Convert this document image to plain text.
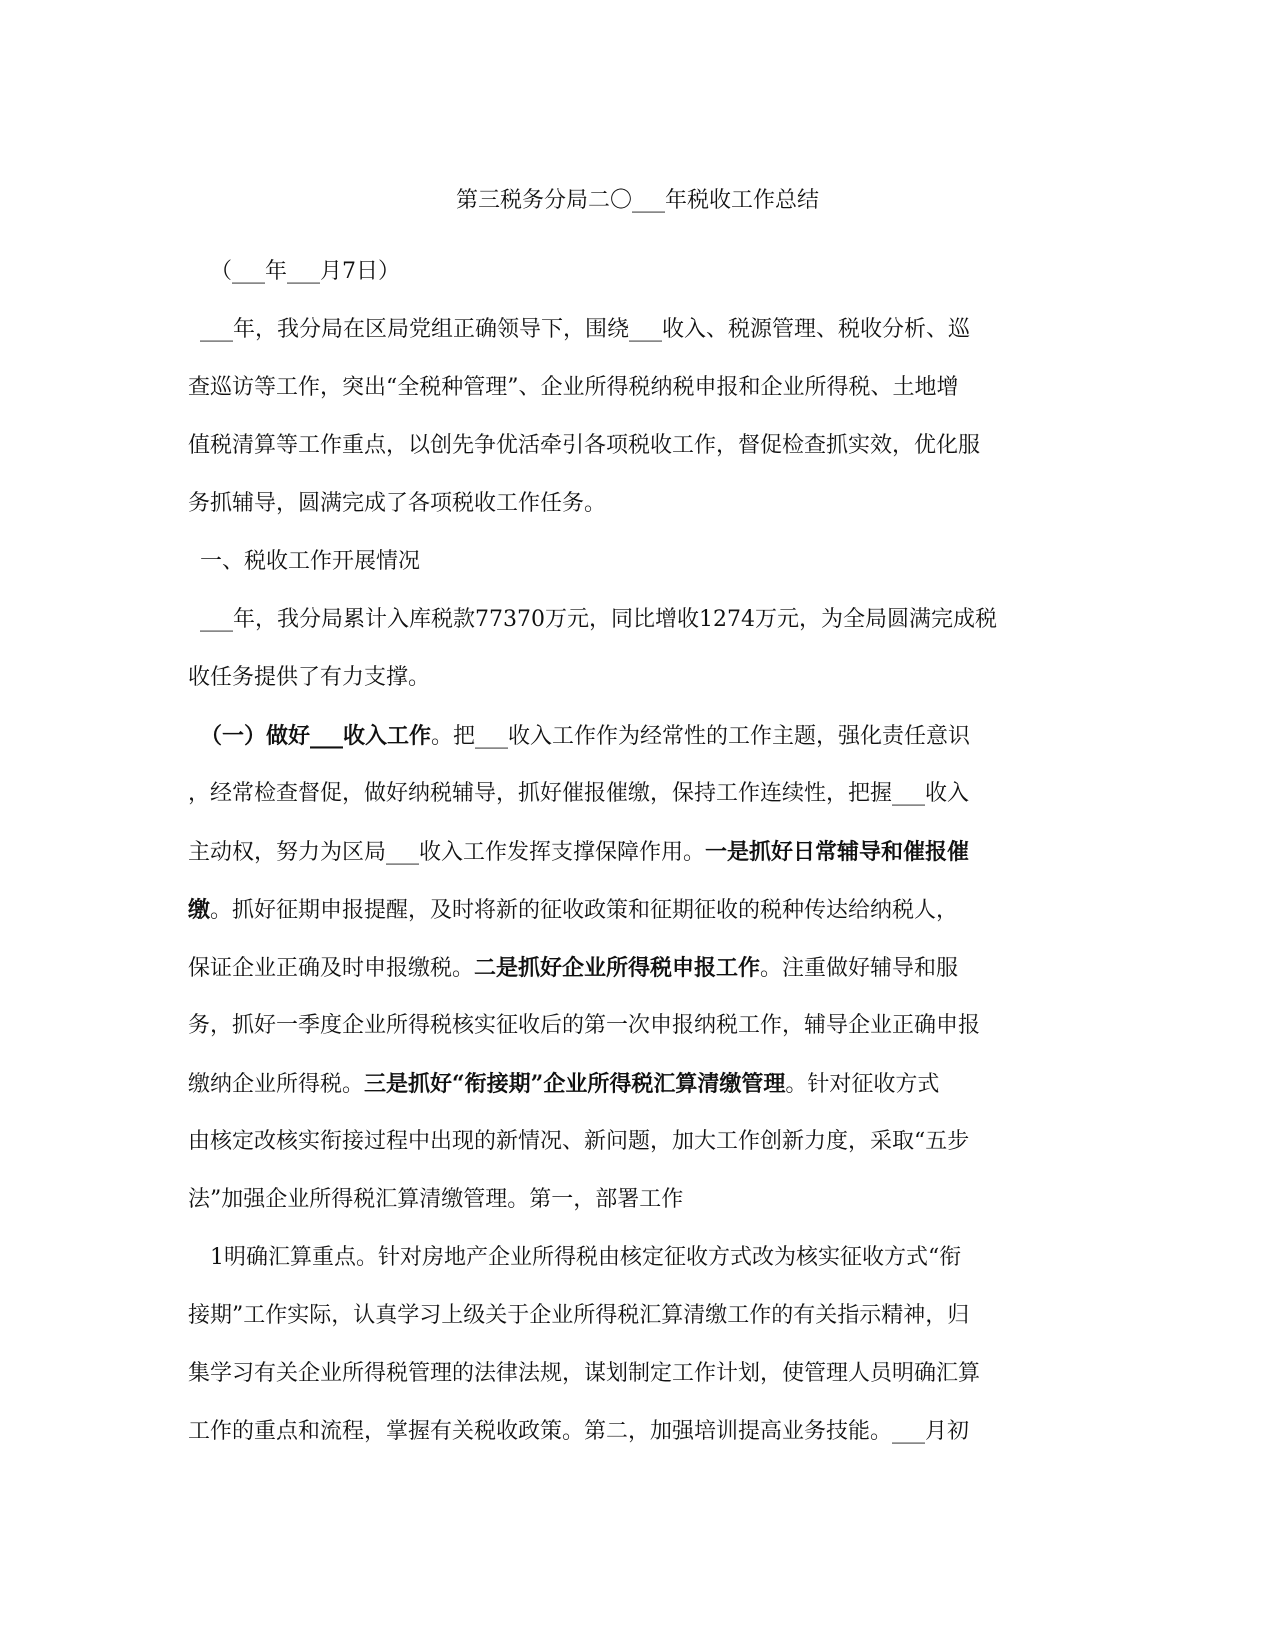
第三税务分局二〇___年税收工作总结
（___年___月7日）
___年，我分局在区局党组正确领导下，围绕___收入、税源管理、税收分析、巡
查巡访等工作，突出“全税种管理”、企业所得税纳税申报和企业所得税、土地增
值税清算等工作重点，以创先争优活牵引各项税收工作，督促检查抓实效，优化服
务抓辅导，圆满完成了各项税收工作任务。
一、税收工作开展情况
___年，我分局累计入库税款77370万元，同比增收1274万元，为全局圆满完成税
收任务提供了有力支撑。
（一）做好___收入工作。把___收入工作作为经常性的工作主题，强化责任意识
，经常检查督促，做好纳税辅导，抓好催报催缴，保持工作连续性，把握___收入
主动权，努力为区局___收入工作发挥支撑保障作用。一是抓好日常辅导和催报催
缴。抓好征期申报提醒，及时将新的征收政策和征期征收的税种传达给纳税人，
保证企业正确及时申报缴税。二是抓好企业所得税申报工作。注重做好辅导和服
务，抓好一季度企业所得税核实征收后的第一次申报纳税工作，辅导企业正确申报
缴纳企业所得税。三是抓好“衔接期”企业所得税汇算清缴管理。针对征收方式
由核定改核实衔接过程中出现的新情况、新问题，加大工作创新力度，采取“五步
法”加强企业所得税汇算清缴管理。第一，部署工作
1明确汇算重点。针对房地产企业所得税由核定征收方式改为核实征收方式“衔
接期”工作实际，认真学习上级关于企业所得税汇算清缴工作的有关指示精神，归
集学习有关企业所得税管理的法律法规，谋划制定工作计划，使管理人员明确汇算
工作的重点和流程，掌握有关税收政策。第二，加强培训提高业务技能。___月初
